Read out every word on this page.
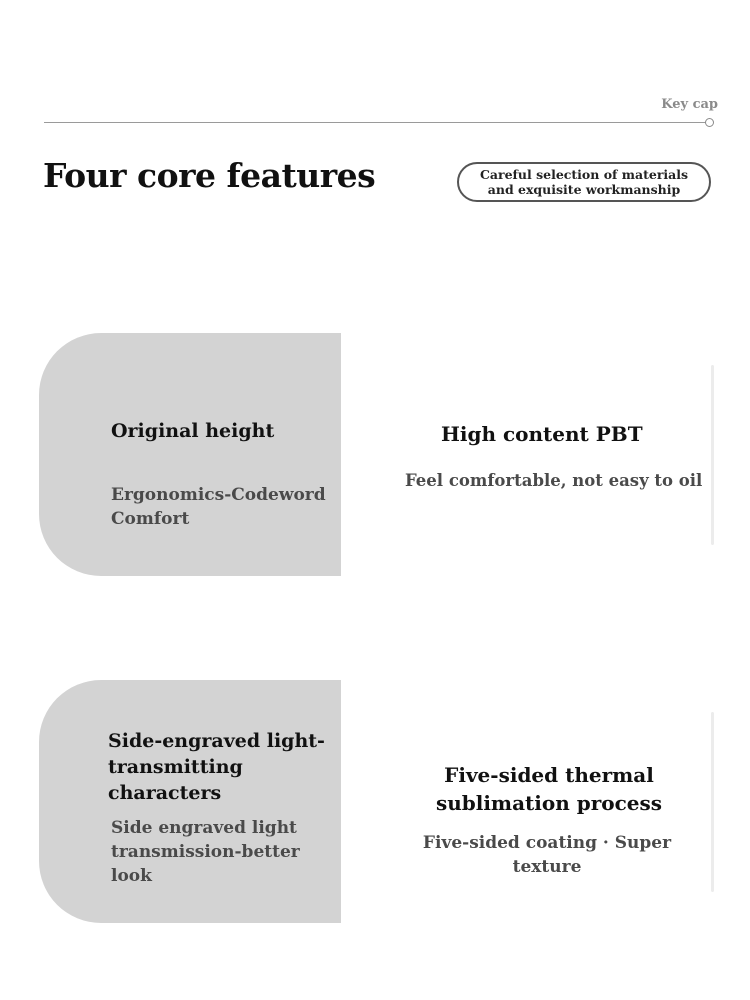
Key cap
Four core features	Careful selection of materials and exquisite workmanship
Original height
Ergonomics-Codeword Comfort
High content PBT
Feel comfortable, not easy to oil
Side-engraved light-transmitting characters
Side engraved light transmission-better look
Five-sided thermal sublimation process
Five-sided coating · Super texture
